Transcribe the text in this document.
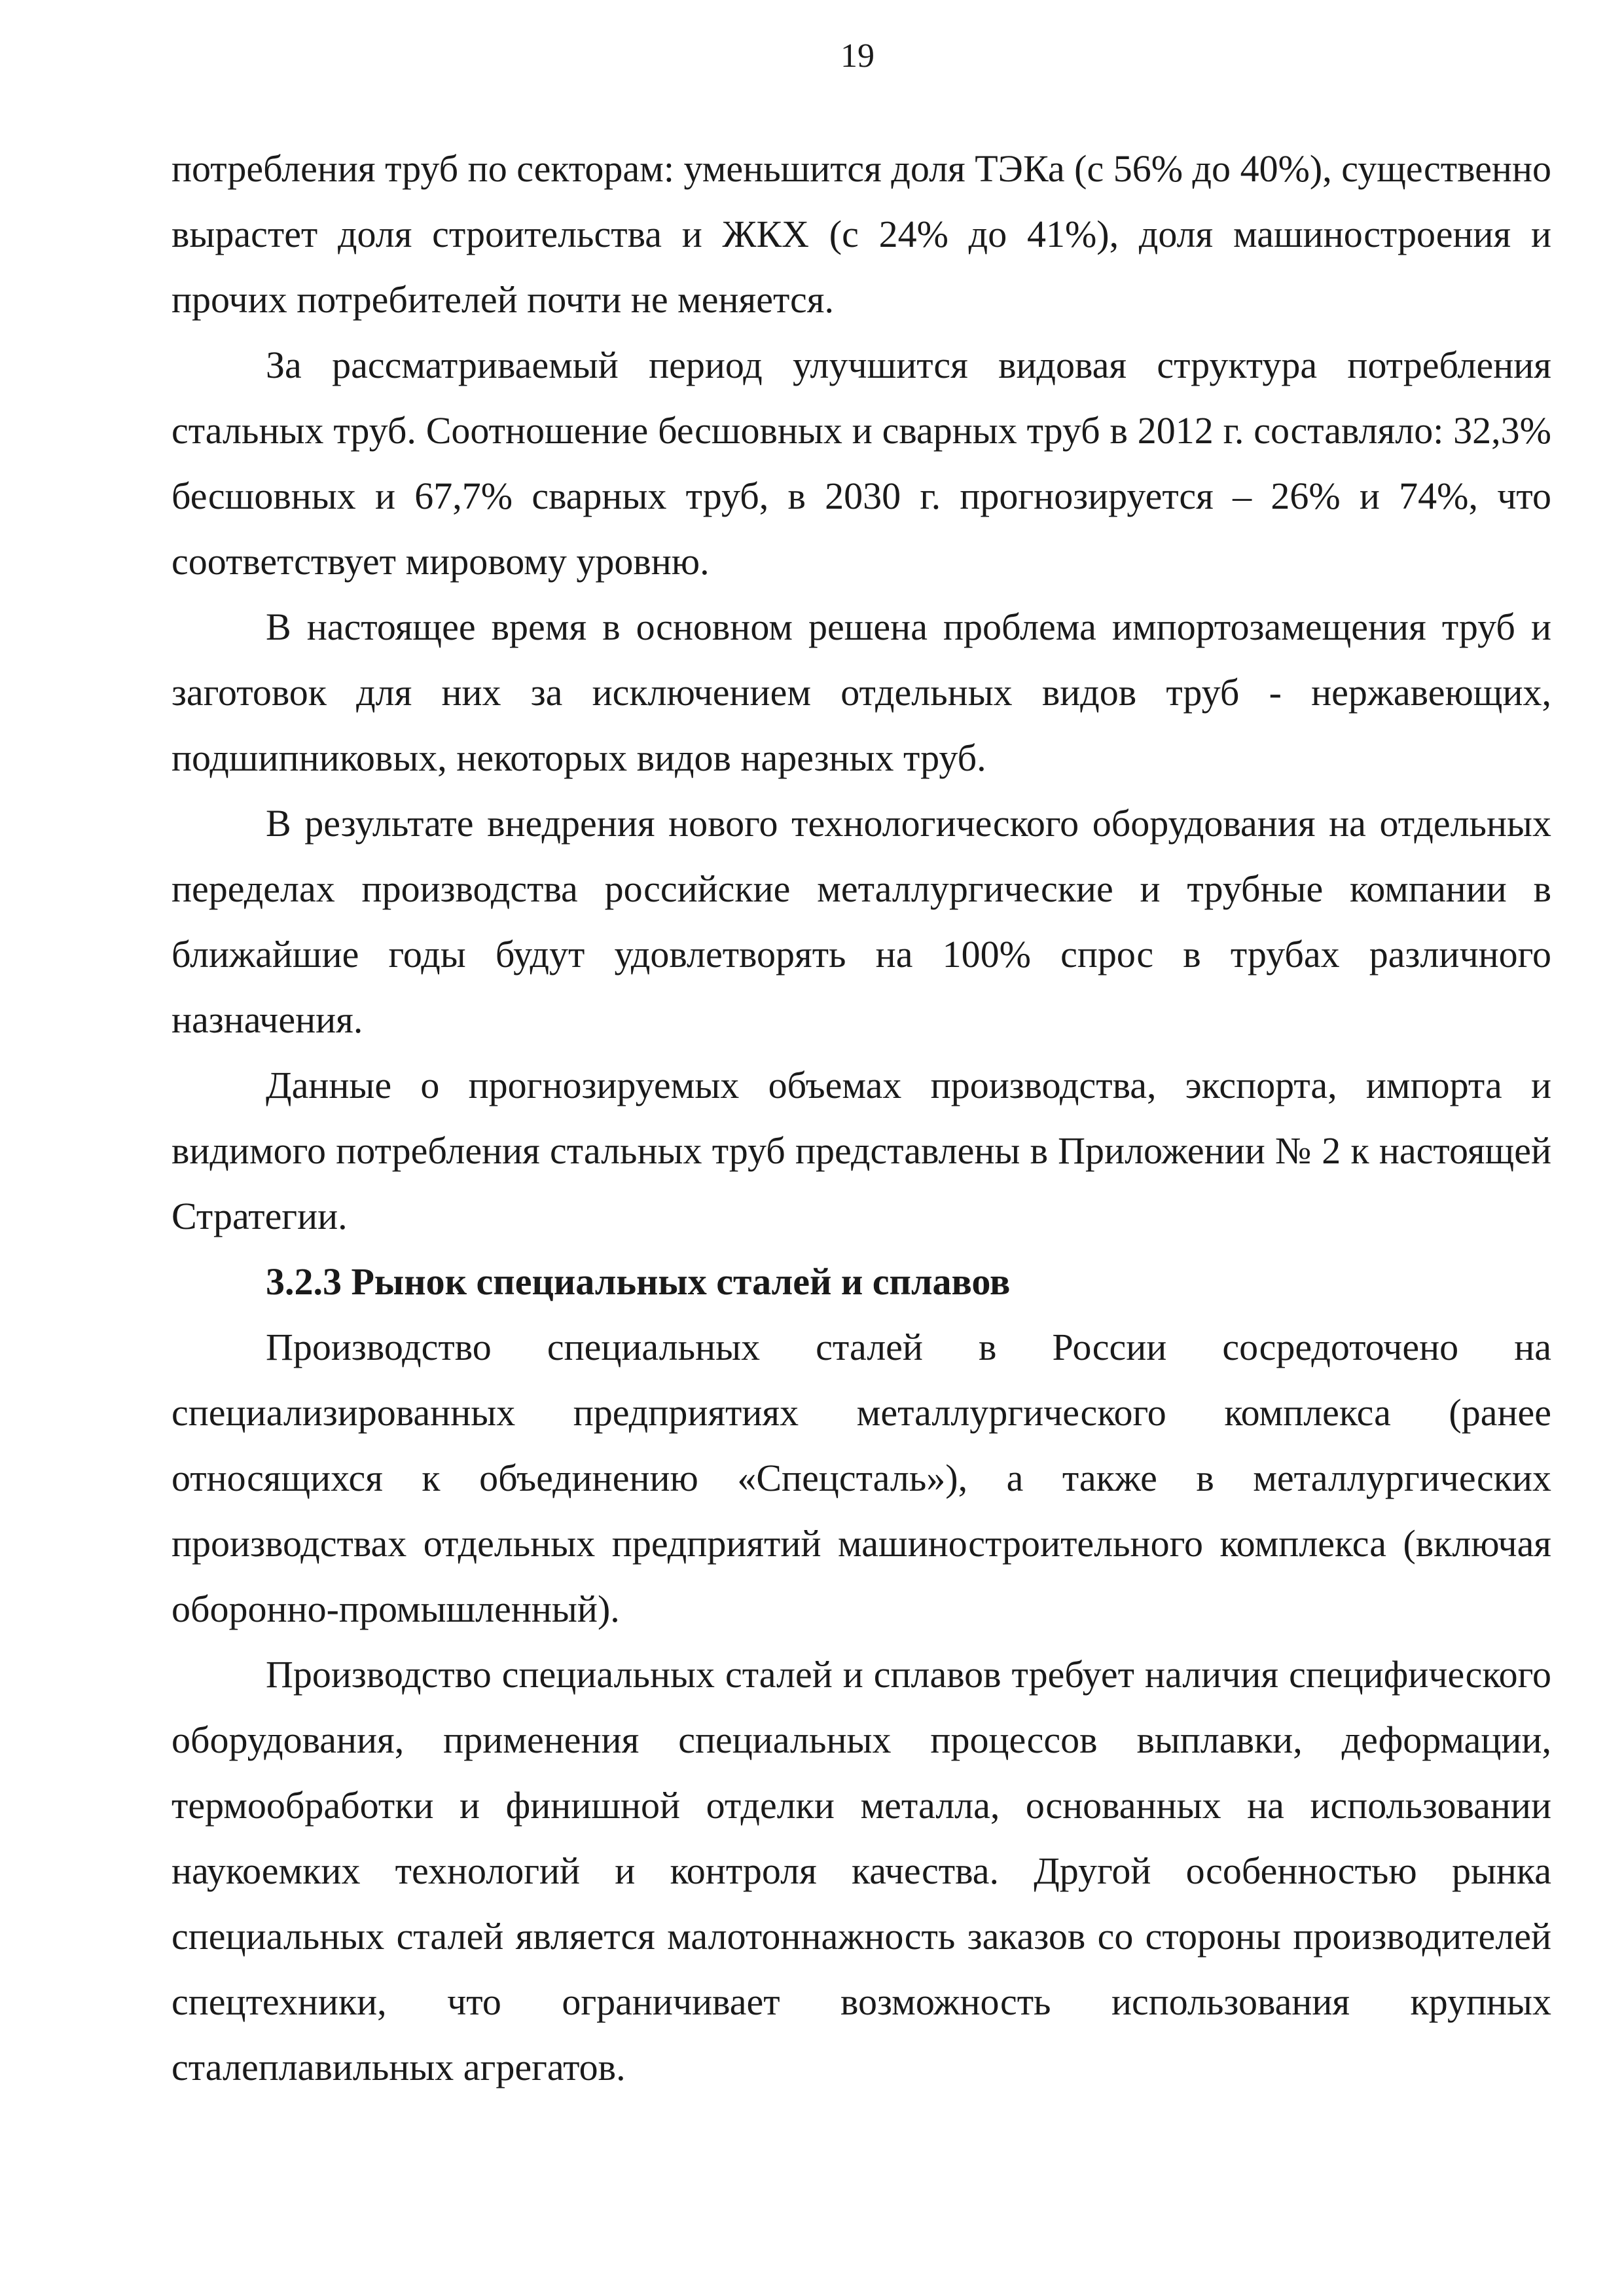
19

потребления труб по секторам: уменьшится доля ТЭКа (с 56% до 40%), существенно вырастет доля строительства и ЖКХ (с 24% до 41%), доля машиностроения и прочих потребителей почти не меняется.

За рассматриваемый период улучшится видовая структура потребления стальных труб. Соотношение бесшовных и сварных труб в 2012 г. составляло: 32,3% бесшовных и 67,7% сварных труб, в 2030 г. прогнозируется – 26% и 74%, что соответствует мировому уровню.

В настоящее время в основном решена проблема импортозамещения труб и заготовок для них за исключением отдельных видов труб - нержавеющих, подшипниковых, некоторых видов нарезных труб.

В результате внедрения нового технологического оборудования на отдельных переделах производства российские металлургические и трубные компании в ближайшие годы будут удовлетворять на 100% спрос в трубах различного назначения.

Данные о прогнозируемых объемах производства, экспорта, импорта и видимого потребления стальных труб представлены в Приложении № 2 к настоящей Стратегии.

3.2.3 Рынок специальных сталей и сплавов

Производство специальных сталей в России сосредоточено на специализированных предприятиях металлургического комплекса (ранее относящихся к объединению «Спецсталь»), а также в металлургических производствах отдельных предприятий машиностроительного комплекса (включая оборонно-промышленный).

Производство специальных сталей и сплавов требует наличия специфического оборудования, применения специальных процессов выплавки, деформации, термообработки и финишной отделки металла, основанных на использовании наукоемких технологий и контроля качества. Другой особенностью рынка специальных сталей является малотоннажность заказов со стороны производителей спецтехники, что ограничивает возможность использования крупных сталеплавильных агрегатов.
